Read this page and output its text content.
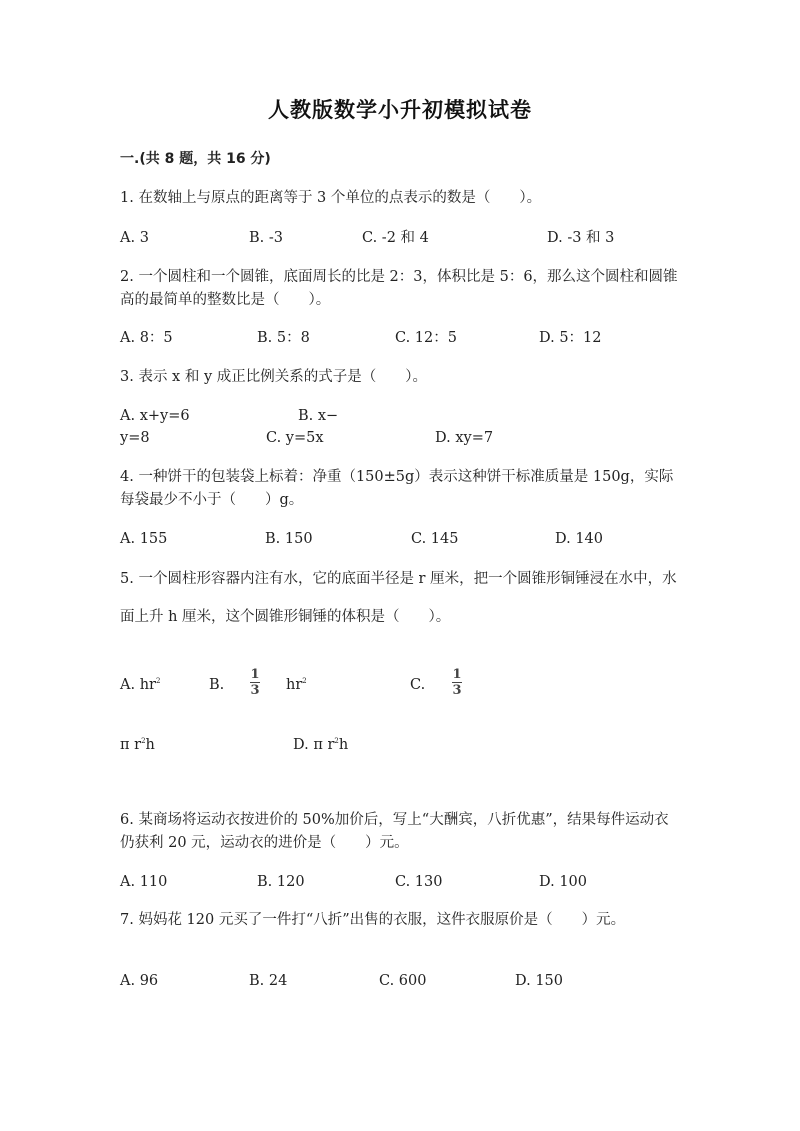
人教版数学小升初模拟试卷
一.(共 8 题，共 16 分)
1. 在数轴上与原点的距离等于 3 个单位的点表示的数是（　　）。
A. 3	B. -3	C. -2 和 4	D. -3 和 3
2. 一个圆柱和一个圆锥，底面周长的比是 2：3，体积比是 5：6，那么这个圆柱和圆锥高的最简单的整数比是（　　）。
A. 8：5	B. 5：8	C. 12：5	D. 5：12
3. 表示 x 和 y 成正比例关系的式子是（　　）。
A. x+y=6	B. x−
y=8	C. y=5x	D. xy=7
4. 一种饼干的包装袋上标着：净重（150±5g）表示这种饼干标准质量是 150g，实际每袋最少不小于（　　）g。
A. 155	B. 150	C. 145	D. 140
5. 一个圆柱形容器内注有水，它的底面半径是 r 厘米，把一个圆锥形铜锤浸在水中，水面上升 h 厘米，这个圆锥形铜锤的体积是（　　）。
A. $hr^2$	B.
1
3 $hr^2$	C.
1
3
π $r^2h$	D. π $r^2h$
6. 某商场将运动衣按进价的 50%加价后，写上“大酬宾，八折优惠”，结果每件运动衣仍获利 20 元，运动衣的进价是（　　）元。
A. 110	B. 120	C. 130	D. 100
7. 妈妈花 120 元买了一件打“八折”出售的衣服，这件衣服原价是（　　）元。
A. 96	B. 24	C. 600	D. 150
